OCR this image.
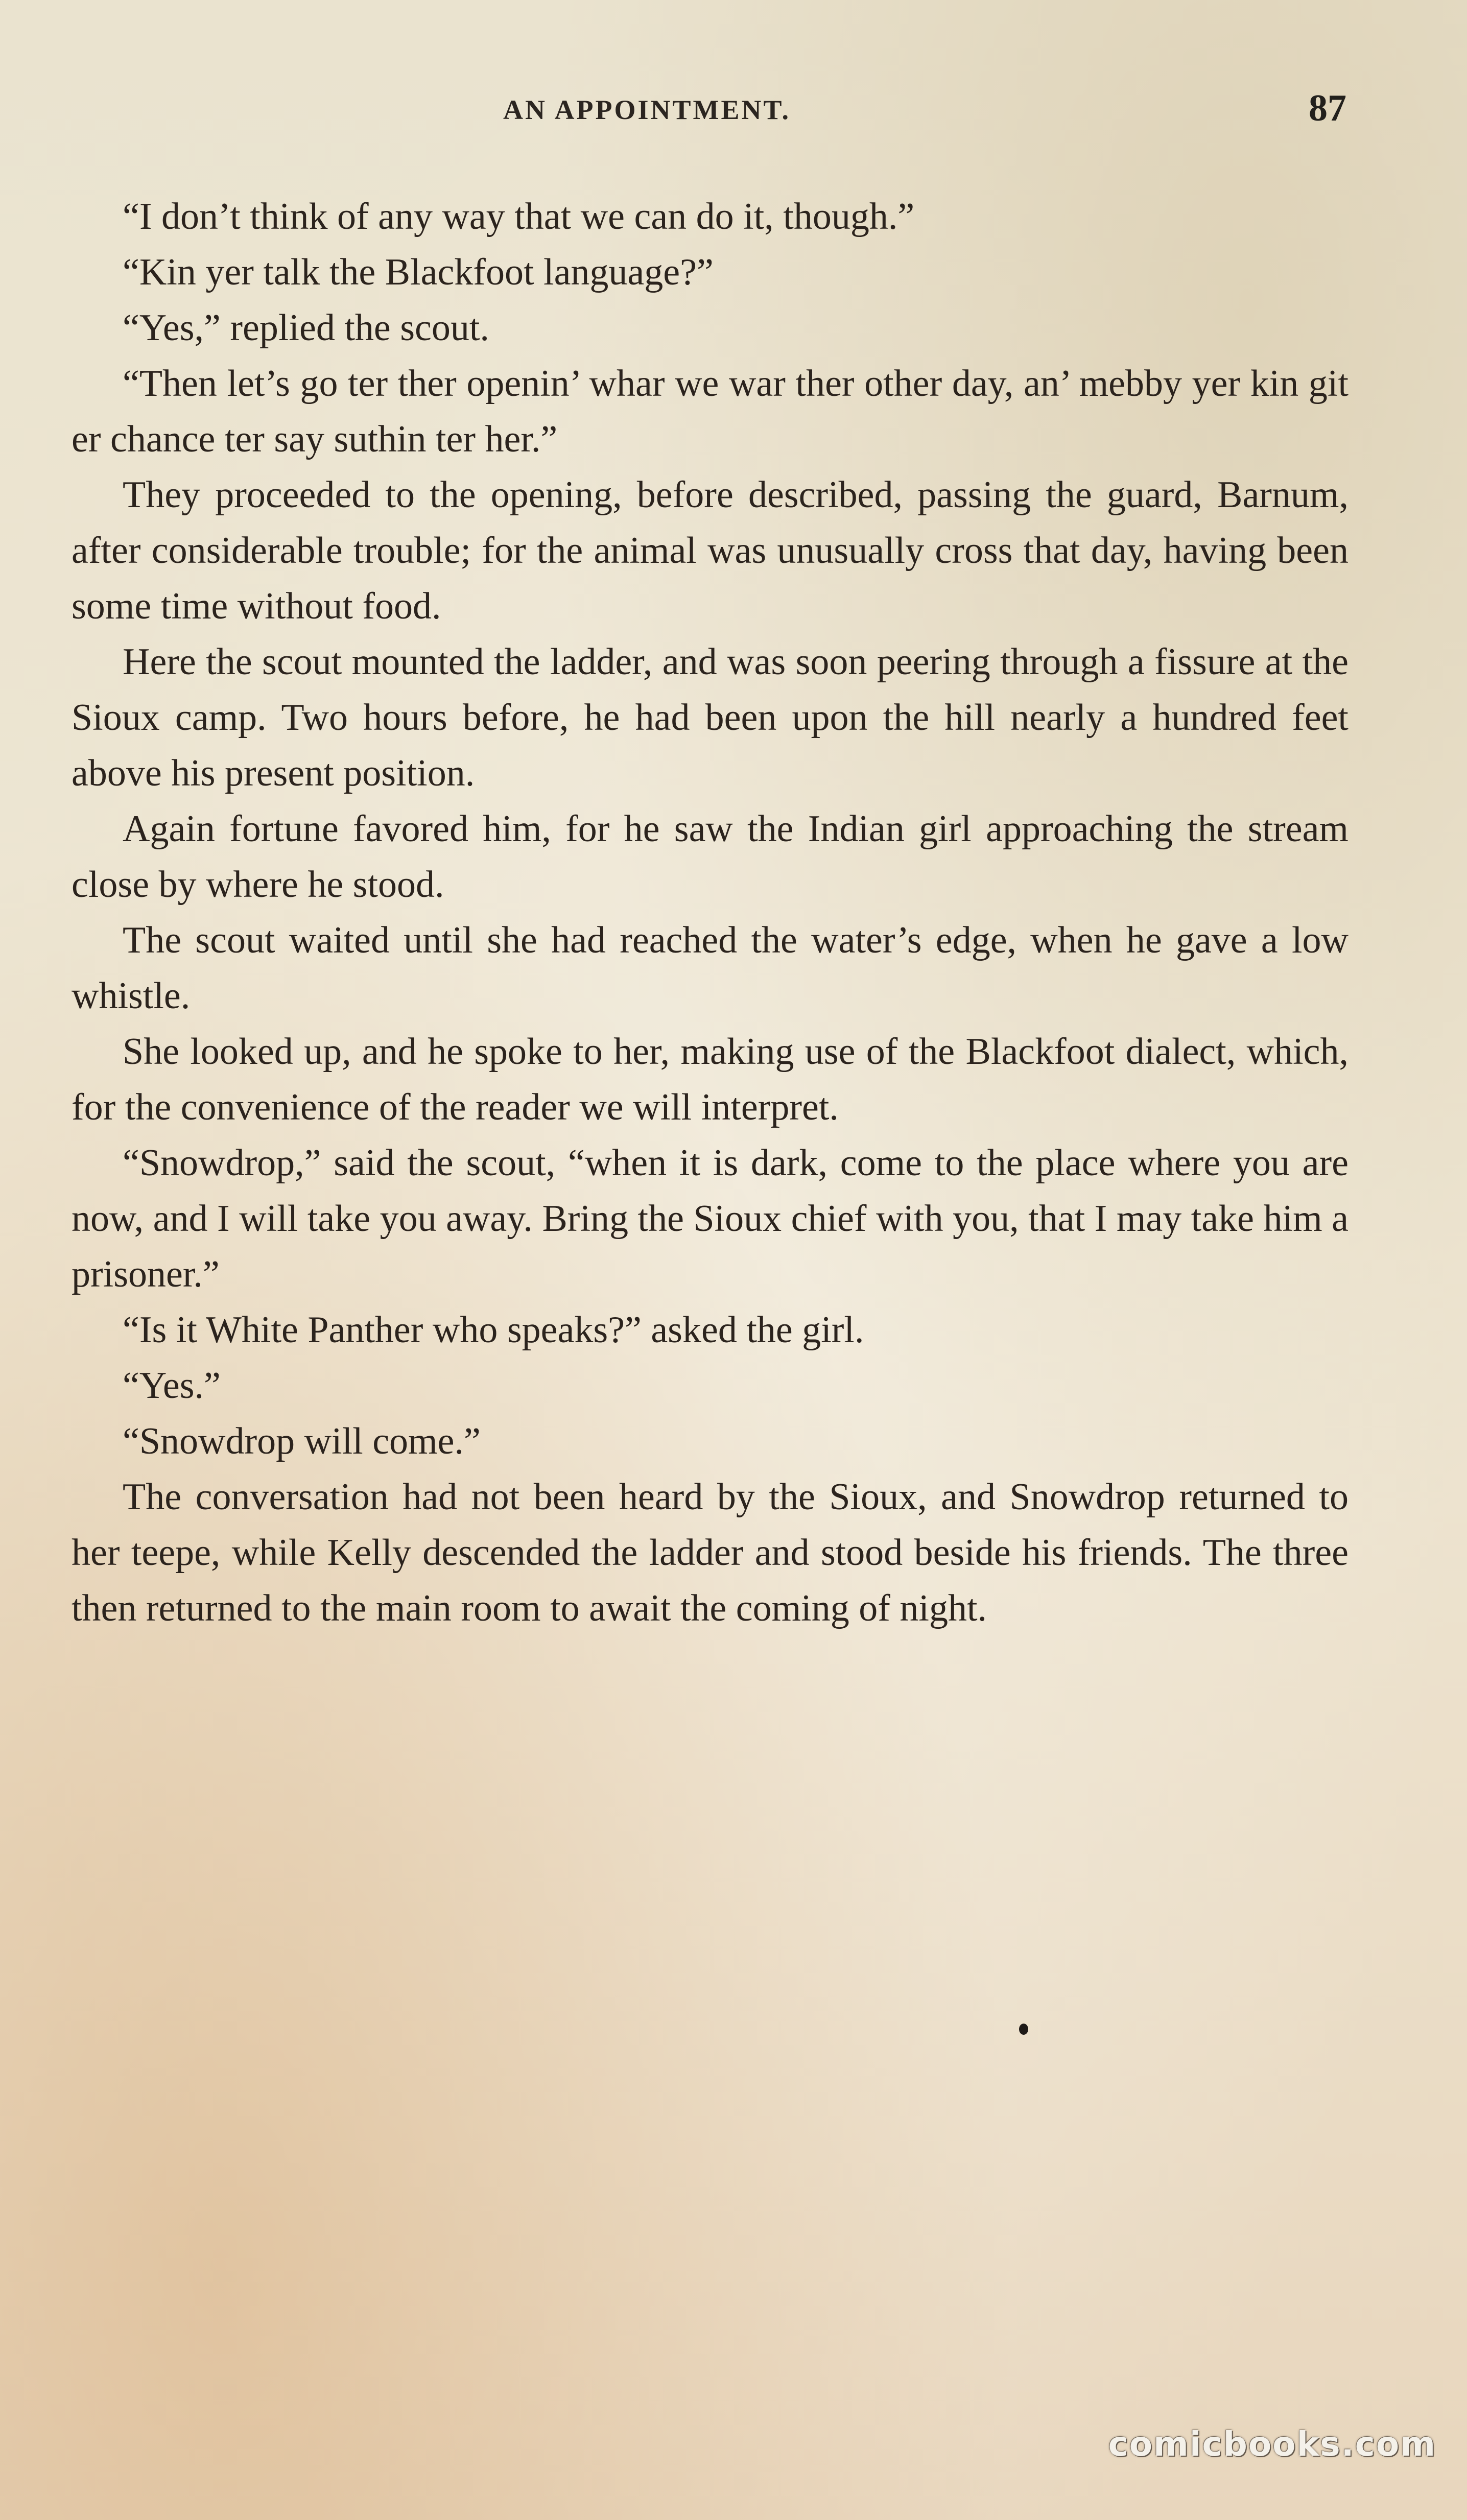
AN APPOINTMENT.	87

“I don’t think of any way that we can do it, though.”

“Kin yer talk the Blackfoot language?”

“Yes,” replied the scout.

“Then let’s go ter ther openin’ whar we war ther other day, an’ mebby yer kin git er chance ter say suthin ter her.”

They proceeded to the opening, before described, passing the guard, Barnum, after considerable trouble; for the animal was unusually cross that day, having been some time without food.

Here the scout mounted the ladder, and was soon peering through a fissure at the Sioux camp. Two hours before, he had been upon the hill nearly a hundred feet above his present position.

Again fortune favored him, for he saw the Indian girl approaching the stream close by where he stood.

The scout waited until she had reached the water’s edge, when he gave a low whistle.

She looked up, and he spoke to her, making use of the Blackfoot dialect, which, for the convenience of the reader we will interpret.

“Snowdrop,” said the scout, “when it is dark, come to the place where you are now, and I will take you away. Bring the Sioux chief with you, that I may take him a prisoner.”

“Is it White Panther who speaks?” asked the girl.

“Yes.”

“Snowdrop will come.”

The conversation had not been heard by the Sioux, and Snowdrop returned to her teepe, while Kelly descended the ladder and stood beside his friends. The three then returned to the main room to await the coming of night.

comicbooks.com
